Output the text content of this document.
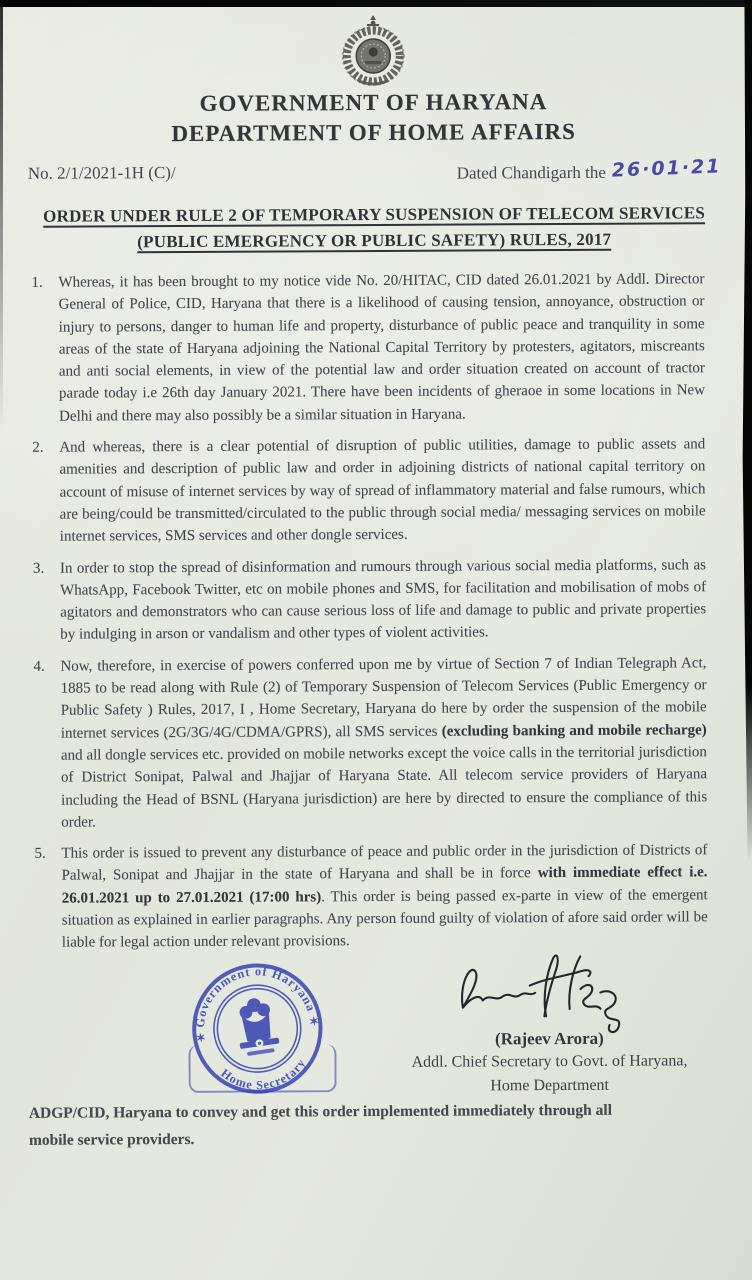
GOVERNMENT OF HARYANA
DEPARTMENT OF HOME AFFAIRS
No. 2/1/2021-1H (C)/	Dated Chandigarh the 26·01·21
ORDER UNDER RULE 2 OF TEMPORARY SUSPENSION OF TELECOM SERVICES
(PUBLIC EMERGENCY OR PUBLIC SAFETY) RULES, 2017
1.	Whereas, it has been brought to my notice vide No. 20/HITAC, CID dated 26.01.2021 by Addl. Director General of Police, CID, Haryana that there is a likelihood of causing tension, annoyance, obstruction or injury to persons, danger to human life and property, disturbance of public peace and tranquility in some areas of the state of Haryana adjoining the National Capital Territory by protesters, agitators, miscreants and anti social elements, in view of the potential law and order situation created on account of tractor parade today i.e 26th day January 2021. There have been incidents of gheraoe in some locations in New Delhi and there may also possibly be a similar situation in Haryana.
2.	And whereas, there is a clear potential of disruption of public utilities, damage to public assets and amenities and description of public law and order in adjoining districts of national capital territory on account of misuse of internet services by way of spread of inflammatory material and false rumours, which are being/could be transmitted/circulated to the public through social media/ messaging services on mobile internet services, SMS services and other dongle services.
3.	In order to stop the spread of disinformation and rumours through various social media platforms, such as WhatsApp, Facebook Twitter, etc on mobile phones and SMS, for facilitation and mobilisation of mobs of agitators and demonstrators who can cause serious loss of life and damage to public and private properties by indulging in arson or vandalism and other types of violent activities.
4.	Now, therefore, in exercise of powers conferred upon me by virtue of Section 7 of Indian Telegraph Act, 1885 to be read along with Rule (2) of Temporary Suspension of Telecom Services (Public Emergency or Public Safety ) Rules, 2017, I , Home Secretary, Haryana do here by order the suspension of the mobile internet services (2G/3G/4G/CDMA/GPRS), all SMS services (excluding banking and mobile recharge) and all dongle services etc. provided on mobile networks except the voice calls in the territorial jurisdiction of District Sonipat, Palwal and Jhajjar of Haryana State. All telecom service providers of Haryana including the Head of BSNL (Haryana jurisdiction) are here by directed to ensure the compliance of this order.
5.	This order is issued to prevent any disturbance of peace and public order in the jurisdiction of Districts of Palwal, Sonipat and Jhajjar in the state of Haryana and shall be in force with immediate effect i.e. 26.01.2021 up to 27.01.2021 (17:00 hrs). This order is being passed ex-parte in view of the emergent situation as explained in earlier paragraphs. Any person found guilty of violation of afore said order will be liable for legal action under relevant provisions.
Government of Haryana
Home Secretary
✶
✶
(Rajeev Arora)
Addl. Chief Secretary to Govt. of Haryana,
Home Department
ADGP/CID, Haryana to convey and get this order implemented immediately through all
mobile service providers.
